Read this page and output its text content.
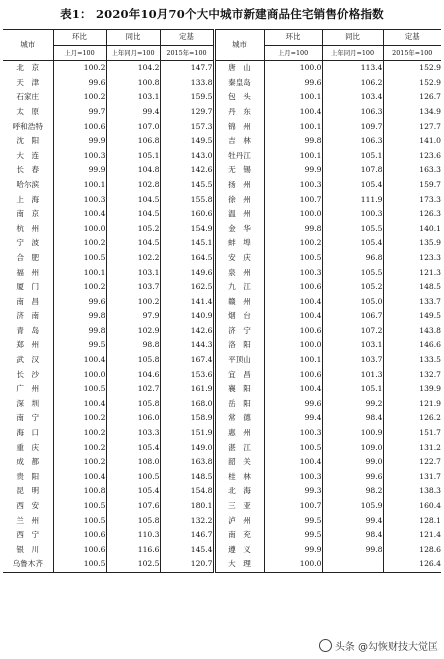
表1： 2020年10月70个大中城市新建商品住宅销售价格指数
城市	环比	同比	定基	城市	环比	同比	定基
	上月=100	上年同月=100	2015年=100		上月=100	上年同月=100	2015年=100
北　京	100.2	104.2	147.7	唐　山	100.0	113.4	152.9
天　津	99.6	100.8	133.8	秦皇岛	99.6	106.2	152.9
石家庄	100.2	103.1	159.5	包　头	100.1	103.4	126.7
太　原	99.7	99.4	129.7	丹　东	100.4	106.3	134.9
呼和浩特	100.6	107.0	157.3	锦　州	100.1	109.7	127.7
沈　阳	99.9	106.8	149.5	吉　林	99.8	106.3	141.0
大　连	100.3	105.1	143.0	牡丹江	100.1	105.1	123.6
长　春	99.9	104.8	142.6	无　锡	99.9	107.8	163.3
哈尔滨	100.1	102.8	145.5	扬　州	100.3	105.4	159.7
上　海	100.3	104.5	155.8	徐　州	100.7	111.9	173.3
南　京	100.4	104.5	160.6	温　州	100.0	100.3	126.3
杭　州	100.0	105.2	154.9	金　华	99.8	105.5	140.1
宁　波	100.2	104.5	145.1	蚌　埠	100.2	105.4	135.9
合　肥	100.5	102.2	164.5	安　庆	100.5	96.8	123.3
福　州	100.1	103.1	149.6	泉　州	100.3	105.5	121.3
厦　门	100.2	103.7	162.5	九　江	100.6	105.2	148.5
南　昌	99.6	100.2	141.4	赣　州	100.4	105.0	133.7
济　南	99.8	97.9	140.9	烟　台	100.4	106.7	149.5
青　岛	99.8	102.9	142.6	济　宁	100.6	107.2	143.8
郑　州	99.5	98.8	144.3	洛　阳	100.0	103.1	146.6
武　汉	100.4	105.8	167.4	平顶山	100.1	103.7	133.5
长　沙	100.0	104.6	153.6	宜　昌	100.6	101.3	132.7
广　州	100.5	102.7	161.9	襄　阳	100.4	105.1	139.9
深　圳	100.4	105.8	168.0	岳　阳	99.6	99.2	121.9
南　宁	100.2	106.0	158.9	常　德	99.4	98.4	126.2
海　口	100.2	103.3	151.9	惠　州	100.3	100.9	151.7
重　庆	100.2	105.4	149.0	湛　江	100.5	109.0	131.2
成　都	100.2	108.0	163.8	韶　关	100.4	99.0	122.7
贵　阳	100.4	100.5	148.5	桂　林	100.3	99.6	131.7
昆　明	100.8	105.4	154.8	北　海	99.3	98.2	138.3
西　安	100.5	107.6	180.1	三　亚	100.7	105.9	160.4
兰　州	100.5	105.8	132.2	泸　州	99.5	99.4	128.1
西　宁	100.6	110.3	146.7	南　充	99.5	98.4	121.4
银　川	100.6	116.6	145.4	遵　义	99.9	99.8	128.6
乌鲁木齐	100.5	102.5	120.7	大　理	100.0		126.4
头条 @勾恢财技大觉匡
